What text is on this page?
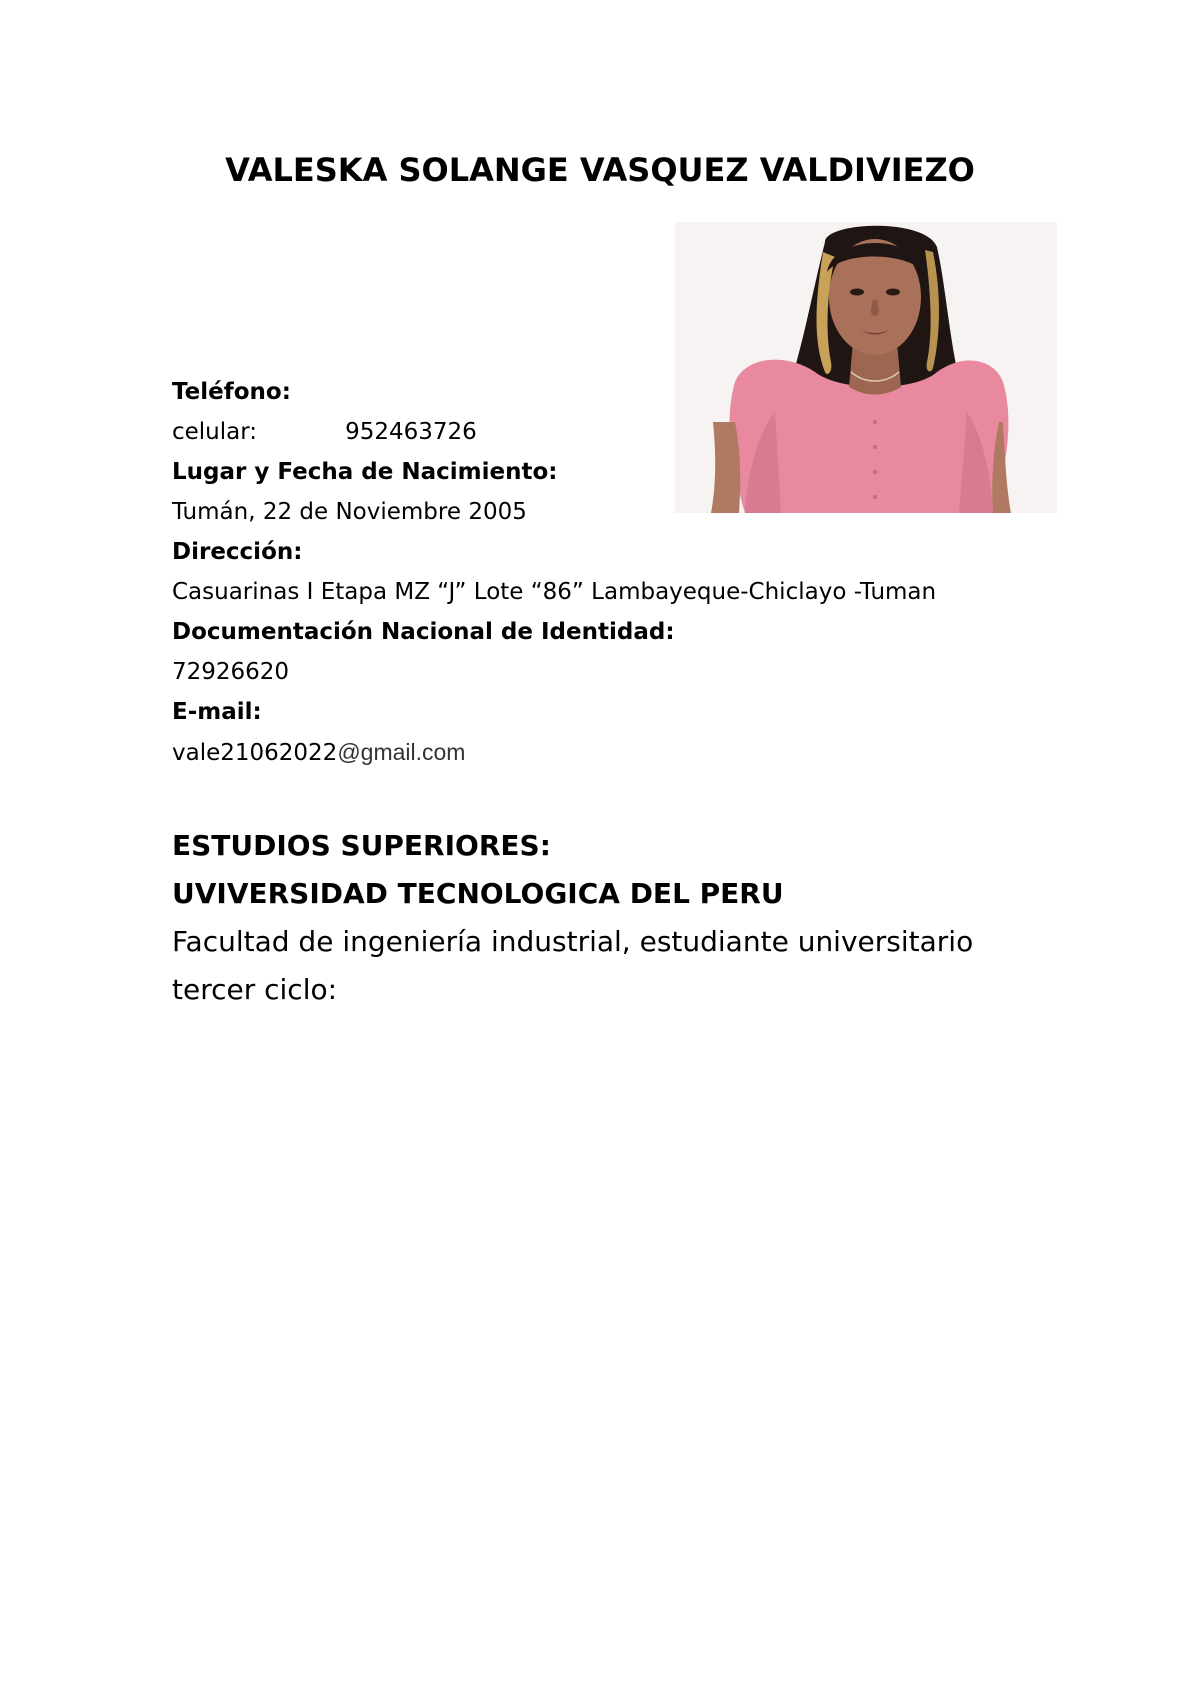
VALESKA SOLANGE VASQUEZ VALDIVIEZO
Teléfono:
celular:	952463726
Lugar y Fecha de Nacimiento:
Tumán, 22 de Noviembre 2005
Dirección:
Casuarinas I Etapa MZ “J” Lote “86” Lambayeque-Chiclayo -Tuman
Documentación Nacional de Identidad:
72926620
E-mail:
vale21062022@gmail.com
ESTUDIOS SUPERIORES:
UVIVERSIDAD TECNOLOGICA DEL PERU
Facultad de ingeniería industrial, estudiante universitario
tercer ciclo:
